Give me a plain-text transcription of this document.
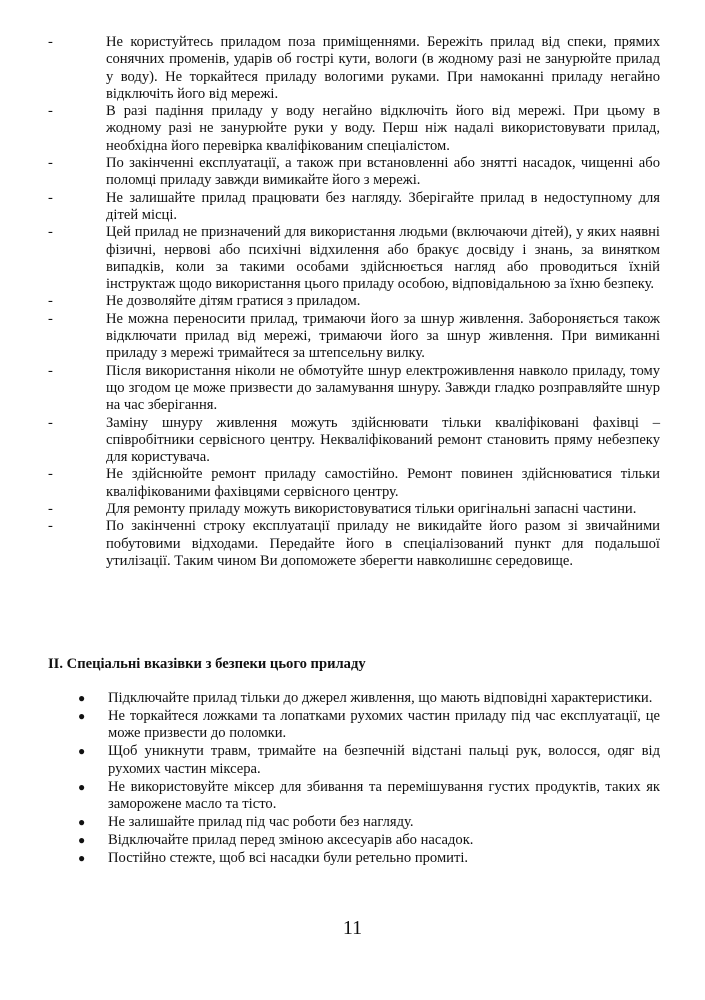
-	Не користуйтесь приладом поза приміщеннями. Бережіть прилад від спеки, прямих сонячних променів, ударів об гострі кути, вологи (в жодному разі не занурюйте прилад у воду). Не торкайтеся приладу вологими руками. При намоканні приладу негайно відключіть його від мережі.
-	В разі падіння приладу у воду негайно відключіть його від мережі. При цьому в жодному разі не занурюйте руки у воду. Перш ніж надалі використовувати прилад, необхідна його перевірка кваліфікованим спеціалістом.
-	По закінченні експлуатації, а також при встановленні або знятті насадок, чищенні або поломці приладу завжди вимикайте його з мережі.
-	Не залишайте прилад працювати без нагляду. Зберігайте прилад в недоступному для дітей місці.
-	Цей прилад не призначений для використання людьми (включаючи дітей), у яких наявні фізичні, нервові або психічні відхилення або бракує досвіду і знань, за винятком випадків, коли за такими особами здійснюється нагляд або проводиться їхній інструктаж щодо використання цього приладу особою, відповідальною за їхню безпеку.
-	Не дозволяйте дітям гратися з приладом.
-	Не можна переносити прилад, тримаючи його за шнур живлення. Забороняється також відключати прилад від мережі, тримаючи його за шнур живлення. При вимиканні приладу з мережі тримайтеся за штепсельну вилку.
-	Після використання ніколи не обмотуйте шнур електроживлення навколо приладу, тому що згодом це може призвести до заламування шнуру. Завжди гладко розправляйте шнур на час зберігання.
-	Заміну шнуру живлення можуть здійснювати тільки кваліфіковані фахівці – співробітники сервісного центру. Некваліфікований ремонт становить пряму небезпеку для користувача.
-	Не здійснюйте ремонт приладу самостійно. Ремонт повинен здійснюватися тільки кваліфікованими фахівцями сервісного центру.
-	Для ремонту приладу можуть використовуватися тільки оригінальні запасні частини.
-	По закінченні строку експлуатації приладу не викидайте його разом зі звичайними побутовими відходами. Передайте його в спеціалізований пункт для подальшої утилізації. Таким чином Ви допоможете зберегти навколишнє середовище.
II. Спеціальні вказівки з безпеки цього приладу
● Підключайте прилад тільки до джерел живлення, що мають відповідні характеристики.
● Не торкайтеся ложками та лопатками рухомих частин приладу під час експлуатації, це може призвести до поломки.
● Щоб уникнути травм, тримайте на безпечній відстані пальці рук, волосся, одяг від рухомих частин міксера.
● Не використовуйте міксер для збивання та перемішування густих продуктів, таких як заморожене масло та тісто.
● Не залишайте прилад під час роботи без нагляду.
● Відключайте прилад перед зміною аксесуарів або насадок.
● Постійно стежте, щоб всі насадки були ретельно промиті.
11
